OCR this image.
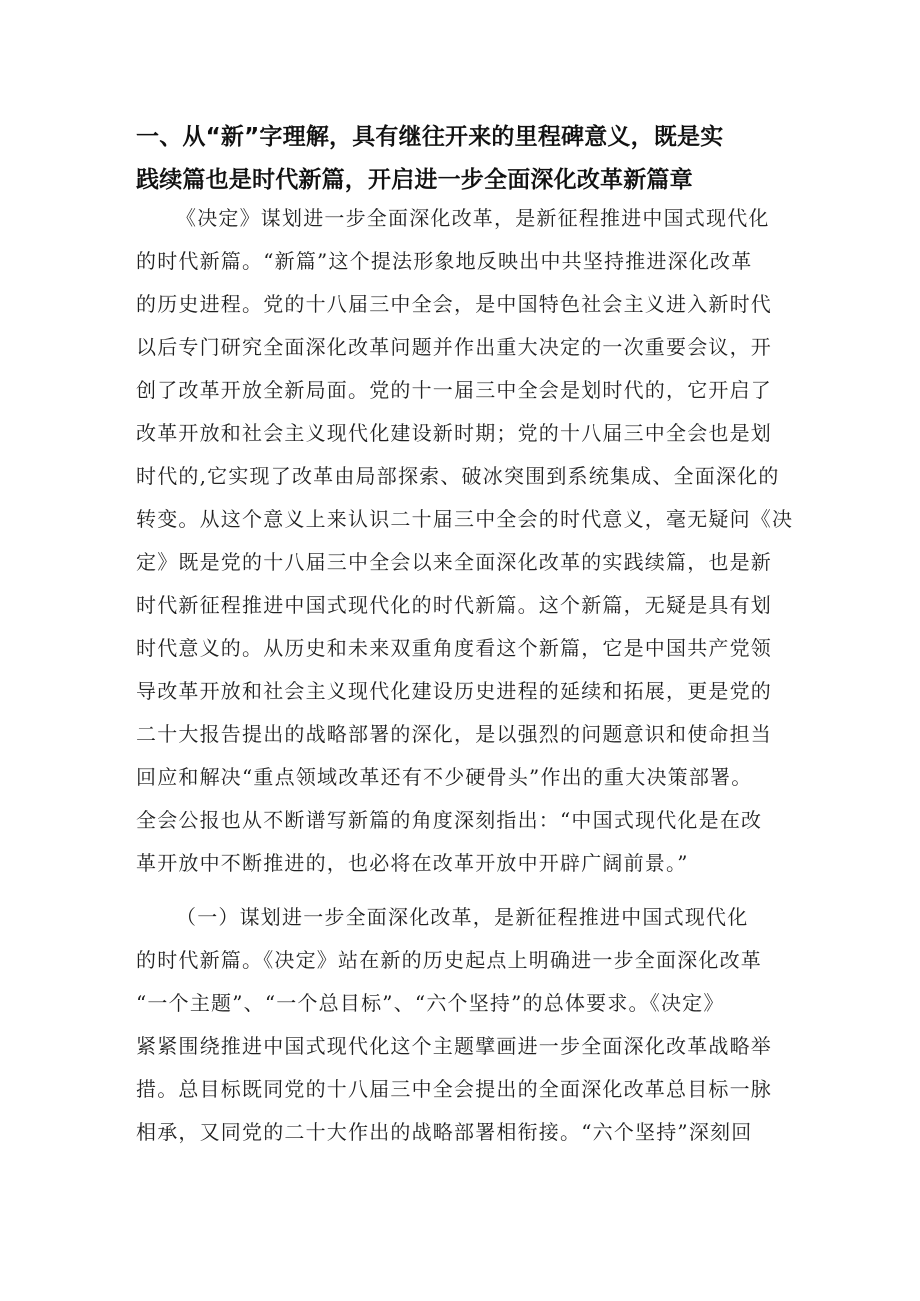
一、从“新”字理解，具有继往开来的里程碑意义，既是实
践续篇也是时代新篇，开启进一步全面深化改革新篇章
《决定》谋划进一步全面深化改革，是新征程推进中国式现代化
的时代新篇。“新篇”这个提法形象地反映出中共坚持推进深化改革
的历史进程。党的十八届三中全会，是中国特色社会主义进入新时代
以后专门研究全面深化改革问题并作出重大决定的一次重要会议，开
创了改革开放全新局面。党的十一届三中全会是划时代的，它开启了
改革开放和社会主义现代化建设新时期；党的十八届三中全会也是划
时代的,它实现了改革由局部探索、破冰突围到系统集成、全面深化的
转变。从这个意义上来认识二十届三中全会的时代意义，毫无疑问《决
定》既是党的十八届三中全会以来全面深化改革的实践续篇，也是新
时代新征程推进中国式现代化的时代新篇。这个新篇，无疑是具有划
时代意义的。从历史和未来双重角度看这个新篇，它是中国共产党领
导改革开放和社会主义现代化建设历史进程的延续和拓展，更是党的
二十大报告提出的战略部署的深化，是以强烈的问题意识和使命担当
回应和解决“重点领域改革还有不少硬骨头”作出的重大决策部署。
全会公报也从不断谱写新篇的角度深刻指出：“中国式现代化是在改
革开放中不断推进的，也必将在改革开放中开辟广阔前景。”
（一）谋划进一步全面深化改革，是新征程推进中国式现代化
的时代新篇。《决定》站在新的历史起点上明确进一步全面深化改革
“一个主题”、“一个总目标”、“六个坚持”的总体要求。《决定》
紧紧围绕推进中国式现代化这个主题擘画进一步全面深化改革战略举
措。总目标既同党的十八届三中全会提出的全面深化改革总目标一脉
相承，又同党的二十大作出的战略部署相衔接。“六个坚持”深刻回
